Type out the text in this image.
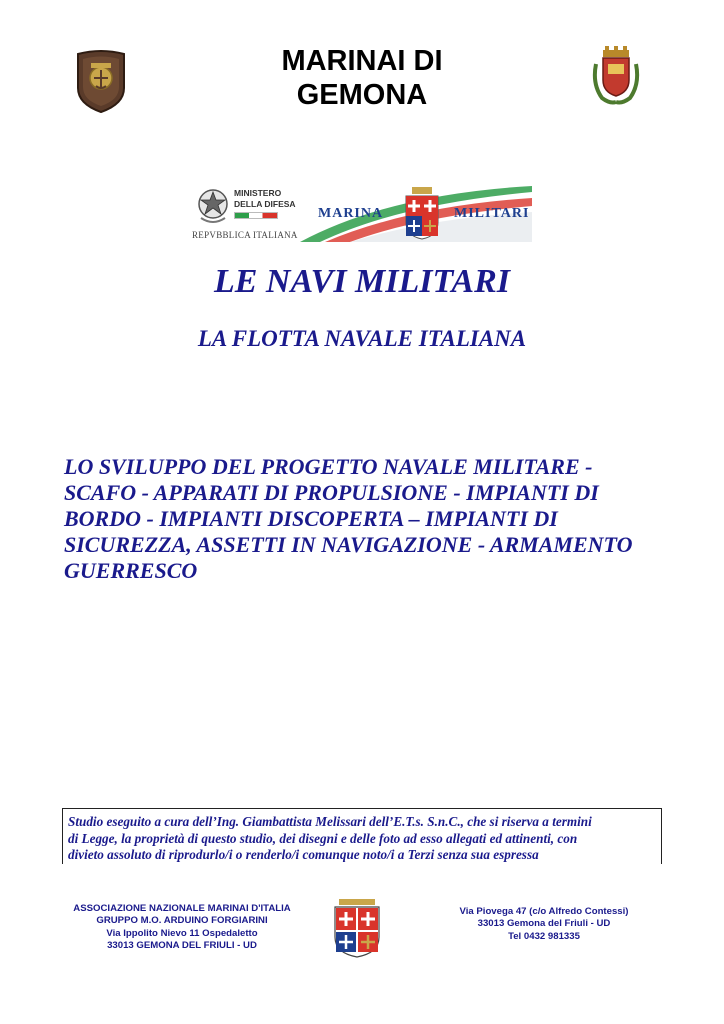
MARINAI DI
GEMONA
MINISTERO
DELLA DIFESA
REPVBBLICA ITALIANA
MARINA	MILITARI
LE NAVI MILITARI
LA FLOTTA NAVALE ITALIANA
LO SVILUPPO DEL PROGETTO NAVALE MILITARE -
SCAFO - APPARATI DI PROPULSIONE - IMPIANTI DI
BORDO - IMPIANTI DISCOPERTA – IMPIANTI DI
SICUREZZA, ASSETTI IN NAVIGAZIONE - ARMAMENTO
GUERRESCO
Studio eseguito a cura dell’Ing. Giambattista Melissari dell’E.T.s. S.n.C., che si riserva a termini
di Legge, la proprietà di questo studio, dei disegni e delle foto ad esso allegati ed attinenti, con
divieto assoluto di riprodurlo/i o renderlo/i comunque noto/i a Terzi senza sua espressa
ASSOCIAZIONE NAZIONALE MARINAI D'ITALIA
GRUPPO M.O. ARDUINO FORGIARINI
Via Ippolito Nievo 11 Ospedaletto
33013 GEMONA DEL FRIULI - UD
Via Piovega 47 (c/o Alfredo Contessi)
33013 Gemona del Friuli - UD
Tel 0432 981335
